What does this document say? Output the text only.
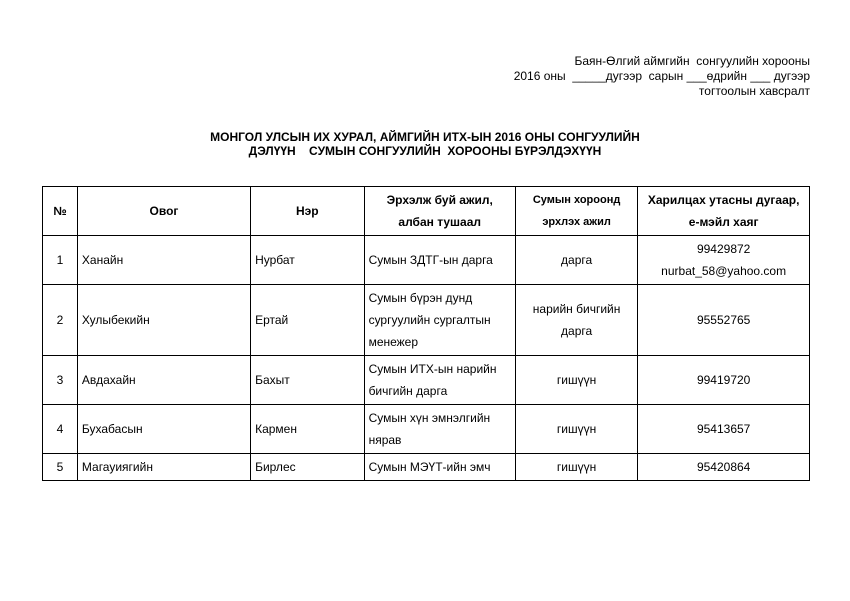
Баян-Өлгий аймгийн  сонгуулийн хорооны
2016 оны  _____дугээр  сарын ___өдрийн ___ дугээр
тогтоолын хавсралт
МОНГОЛ УЛСЫН ИХ ХУРАЛ, АЙМГИЙН ИТХ-ЫН 2016 ОНЫ СОНГУУЛИЙН
ДЭЛҮҮН    СУМЫН СОНГУУЛИЙН  ХОРООНЫ БҮРЭЛДЭХҮҮН
№	Овог	Нэр	Эрхэлж буй ажил,
албан тушаал	Сумын хороонд
эрхлэх ажил	Харилцах утасны дугаар,
е-мэйл хаяг

1	Ханайн	Нурбат	Сумын ЗДТГ-ын дарга	дарга	99429872
nurbat_58@yahoo.com

2	Хулыбекийн	Ертай	Сумын бүрэн дунд
сургуулийн сургалтын
менежер	нарийн бичгийн
дарга	95552765

3	Авдахайн	Бахыт	Сумын ИТХ-ын нарийн
бичгийн дарга	гишүүн	99419720

4	Бухабасын	Кармен	Сумын хүн эмнэлгийн
нярав	гишүүн	95413657

5	Магауиягийн	Бирлес	Сумын МЭҮТ-ийн эмч	гишүүн	95420864
